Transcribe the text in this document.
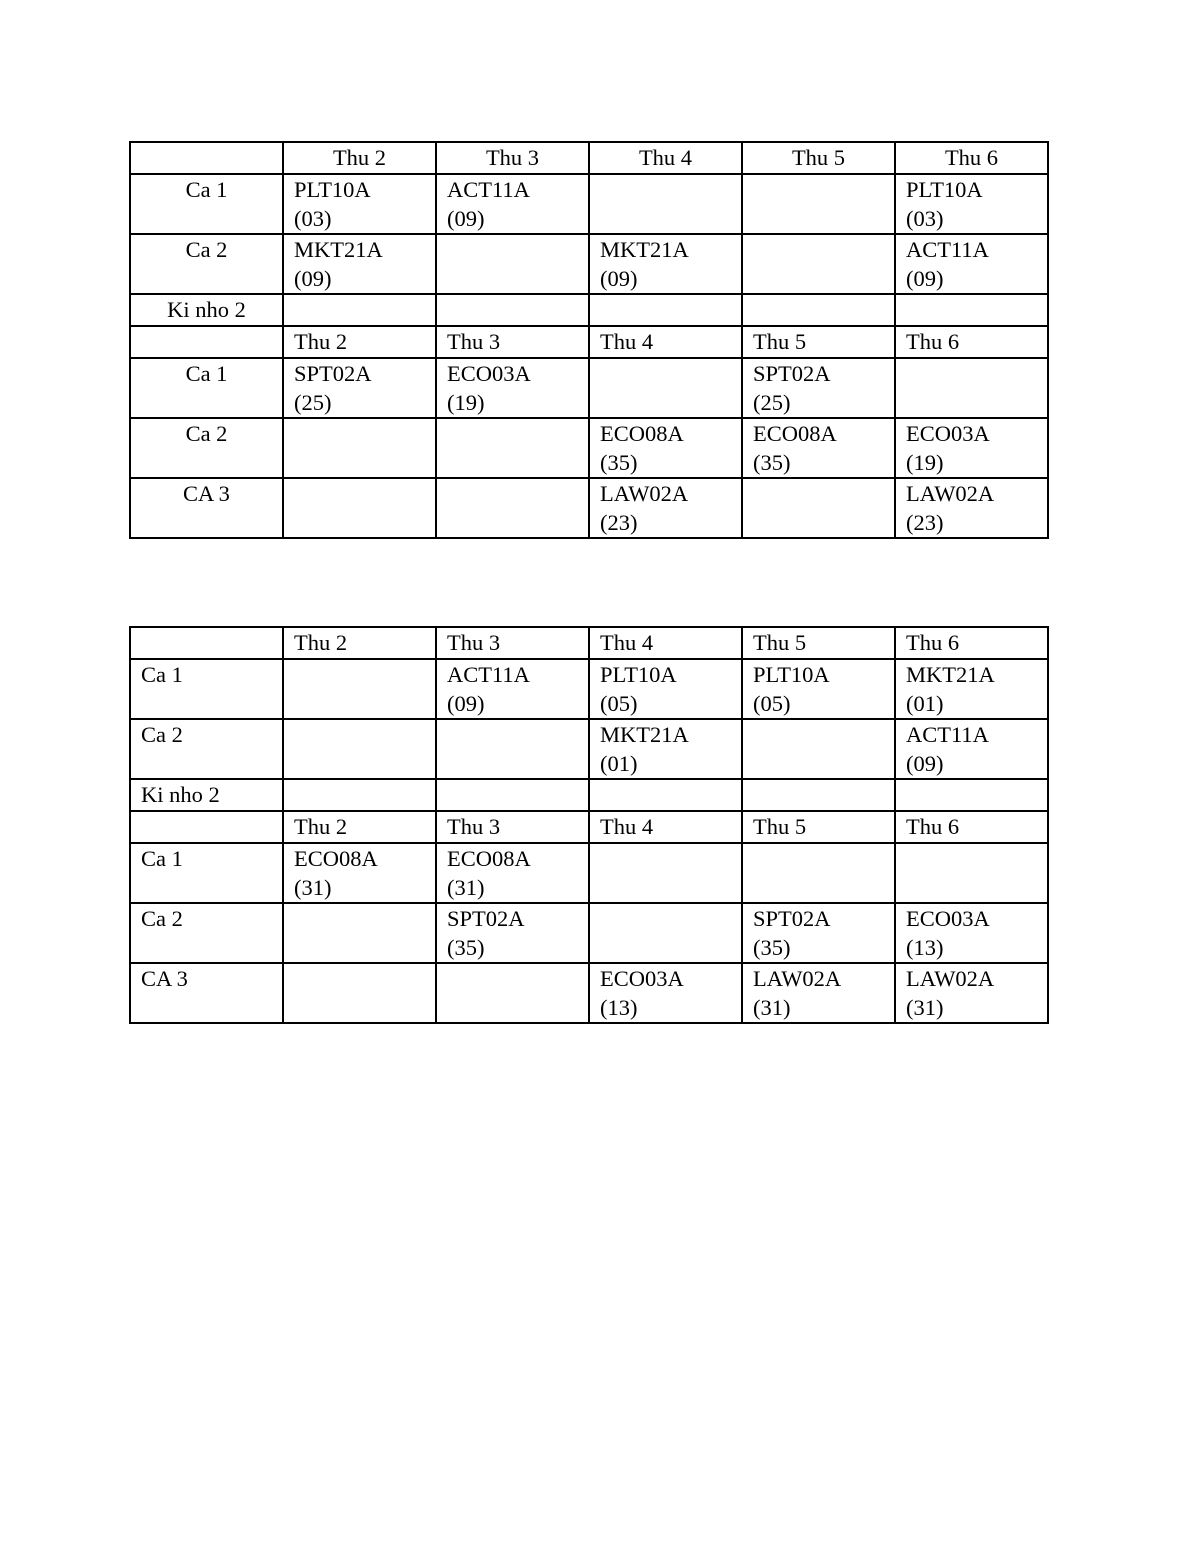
	Thu 2	Thu 3	Thu 4	Thu 5	Thu 6
Ca 1	PLT10A
(03)	ACT11A
(09)			PLT10A
(03)

Ca 2	MKT21A
(09)		MKT21A
(09)		ACT11A
(09)

Ki nho 2					
	Thu 2	Thu 3	Thu 4	Thu 5	Thu 6
Ca 1	SPT02A
(25)	ECO03A
(19)		SPT02A
(25)	

Ca 2			ECO08A
(35)	ECO08A
(35)	ECO03A
(19)

CA 3			LAW02A
(23)		LAW02A
(23)
	Thu 2	Thu 3	Thu 4	Thu 5	Thu 6
Ca 1		ACT11A
(09)	PLT10A
(05)	PLT10A
(05)	MKT21A
(01)

Ca 2			MKT21A
(01)		ACT11A
(09)

Ki nho 2					
	Thu 2	Thu 3	Thu 4	Thu 5	Thu 6
Ca 1	ECO08A
(31)	ECO08A
(31)			

Ca 2		SPT02A
(35)		SPT02A
(35)	ECO03A
(13)

CA 3			ECO03A
(13)	LAW02A
(31)	LAW02A
(31)
